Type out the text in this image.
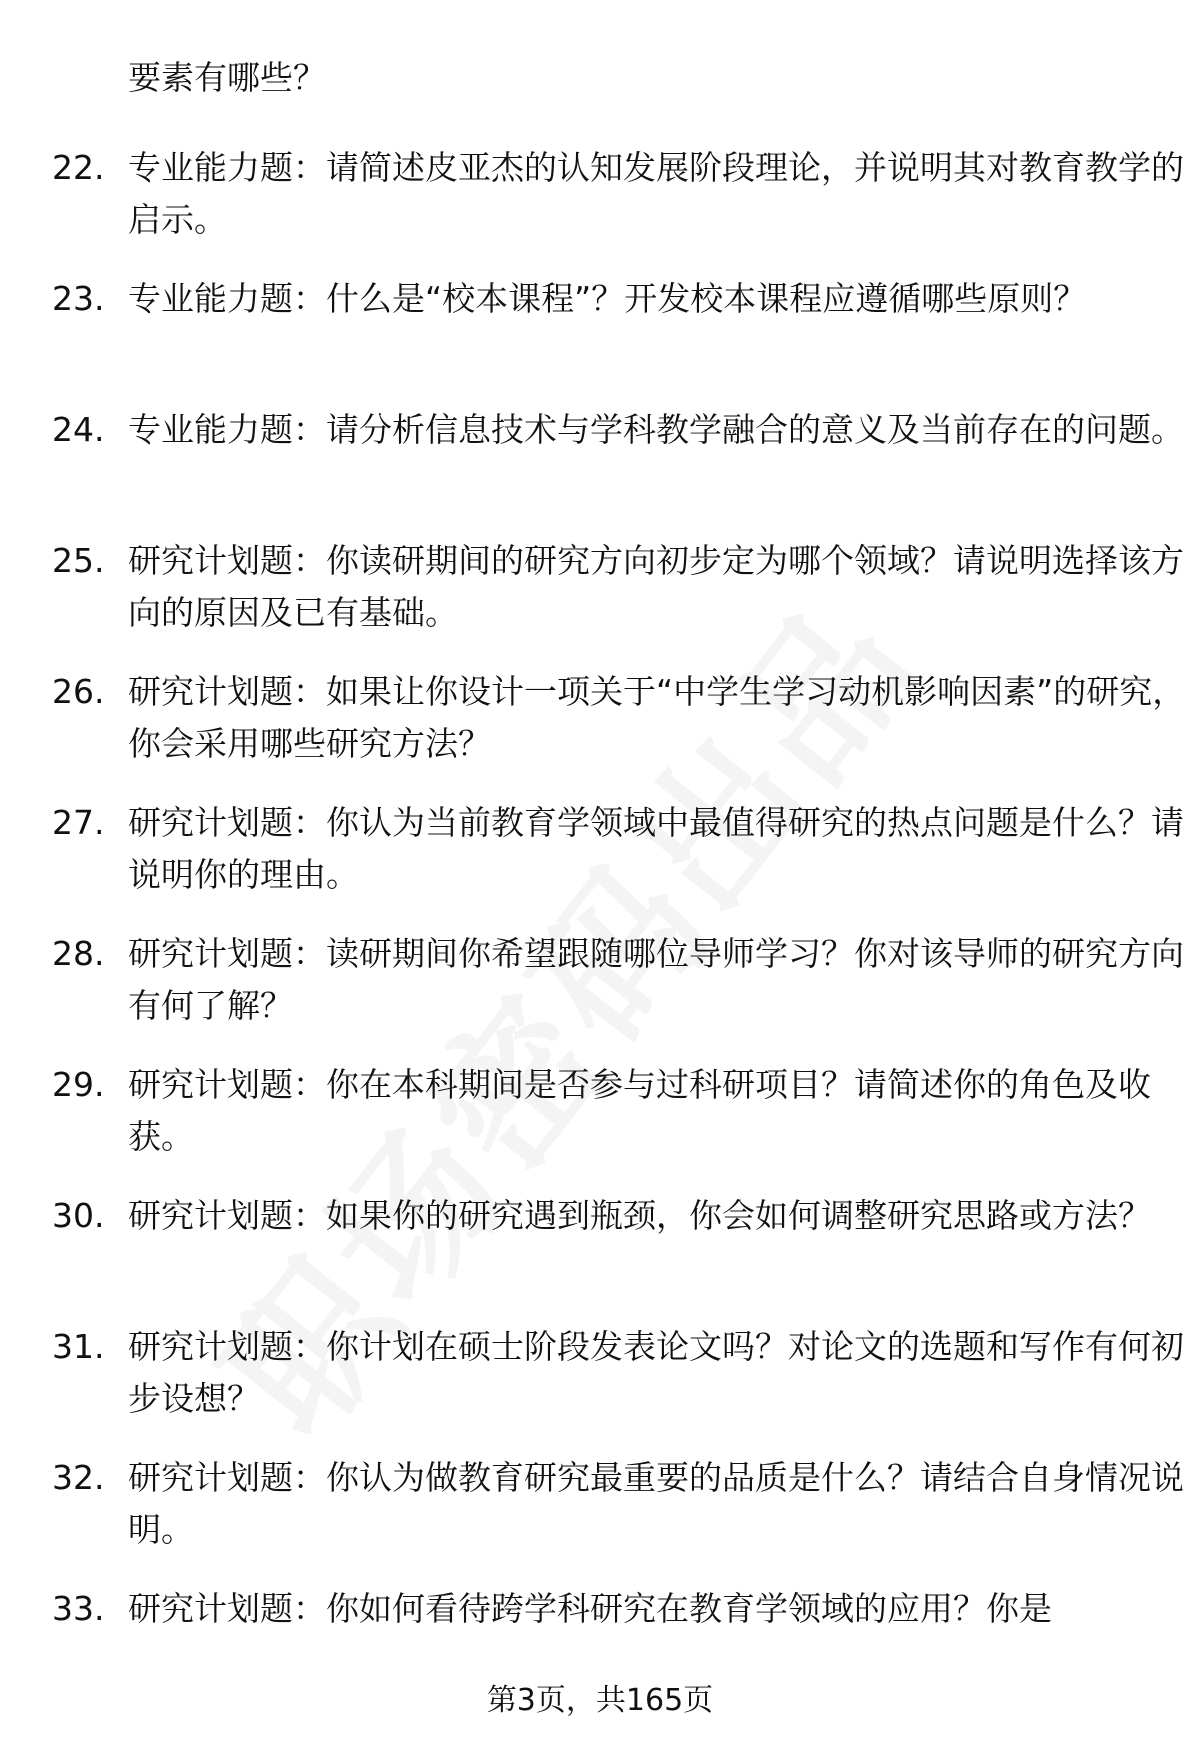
要素有哪些？
22. 专业能力题：请简述皮亚杰的认知发展阶段理论，并说明其对教育教学的启示。
23. 专业能力题：什么是“校本课程”？开发校本课程应遵循哪些原则？
24. 专业能力题：请分析信息技术与学科教学融合的意义及当前存在的问题。
25. 研究计划题：你读研期间的研究方向初步定为哪个领域？请说明选择该方向的原因及已有基础。
26. 研究计划题：如果让你设计一项关于“中学生学习动机影响因素”的研究，你会采用哪些研究方法？
27. 研究计划题：你认为当前教育学领域中最值得研究的热点问题是什么？请说明你的理由。
28. 研究计划题：读研期间你希望跟随哪位导师学习？你对该导师的研究方向有何了解？
29. 研究计划题：你在本科期间是否参与过科研项目？请简述你的角色及收获。
30. 研究计划题：如果你的研究遇到瓶颈，你会如何调整研究思路或方法？
31. 研究计划题：你计划在硕士阶段发表论文吗？对论文的选题和写作有何初步设想？
32. 研究计划题：你认为做教育研究最重要的品质是什么？请结合自身情况说明。
33. 研究计划题：你如何看待跨学科研究在教育学领域的应用？你是
第3页，共165页
